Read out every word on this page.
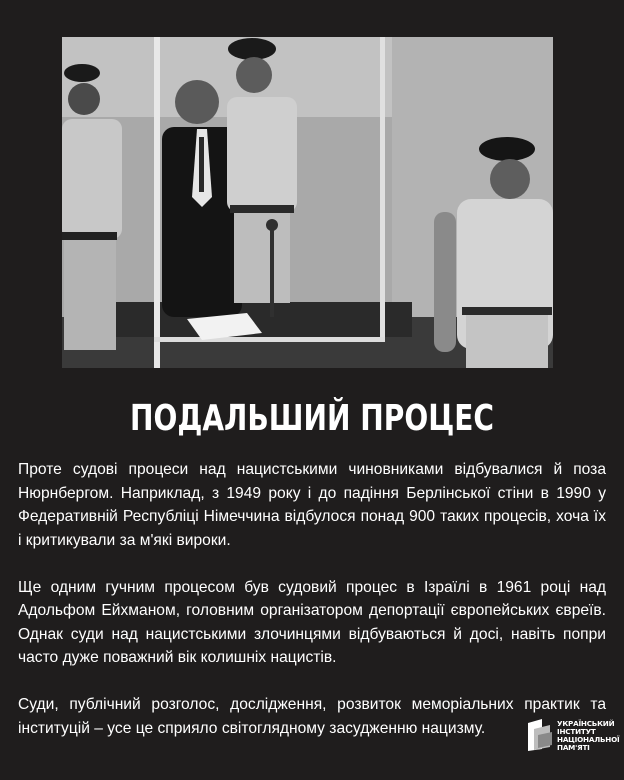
ПОДАЛЬШИЙ ПРОЦЕС

Проте судові процеси над нацистськими чиновниками відбувалися й поза Нюрнбергом. Наприклад, з 1949 року і до падіння Берлінської стіни в 1990 у Федеративній Республіці Німеччина відбулося понад 900 таких процесів, хоча їх і критикували за м'які вироки.

Ще одним гучним процесом був судовий процес в Ізраїлі в 1961 році над Адольфом Ейхманом, головним організатором депортації європейських євреїв. Однак суди над нацистськими злочинцями відбуваються й досі, навіть попри часто дуже поважний вік колишніх нацистів.

Суди, публічний розголос, дослідження, розвиток меморіальних практик та інституцій – усе це сприяло світоглядному засудженню нацизму.	УКРАЇНСЬКИЙ
ІНСТИТУТ
НАЦІОНАЛЬНОЇ
ПАМ'ЯТІ
